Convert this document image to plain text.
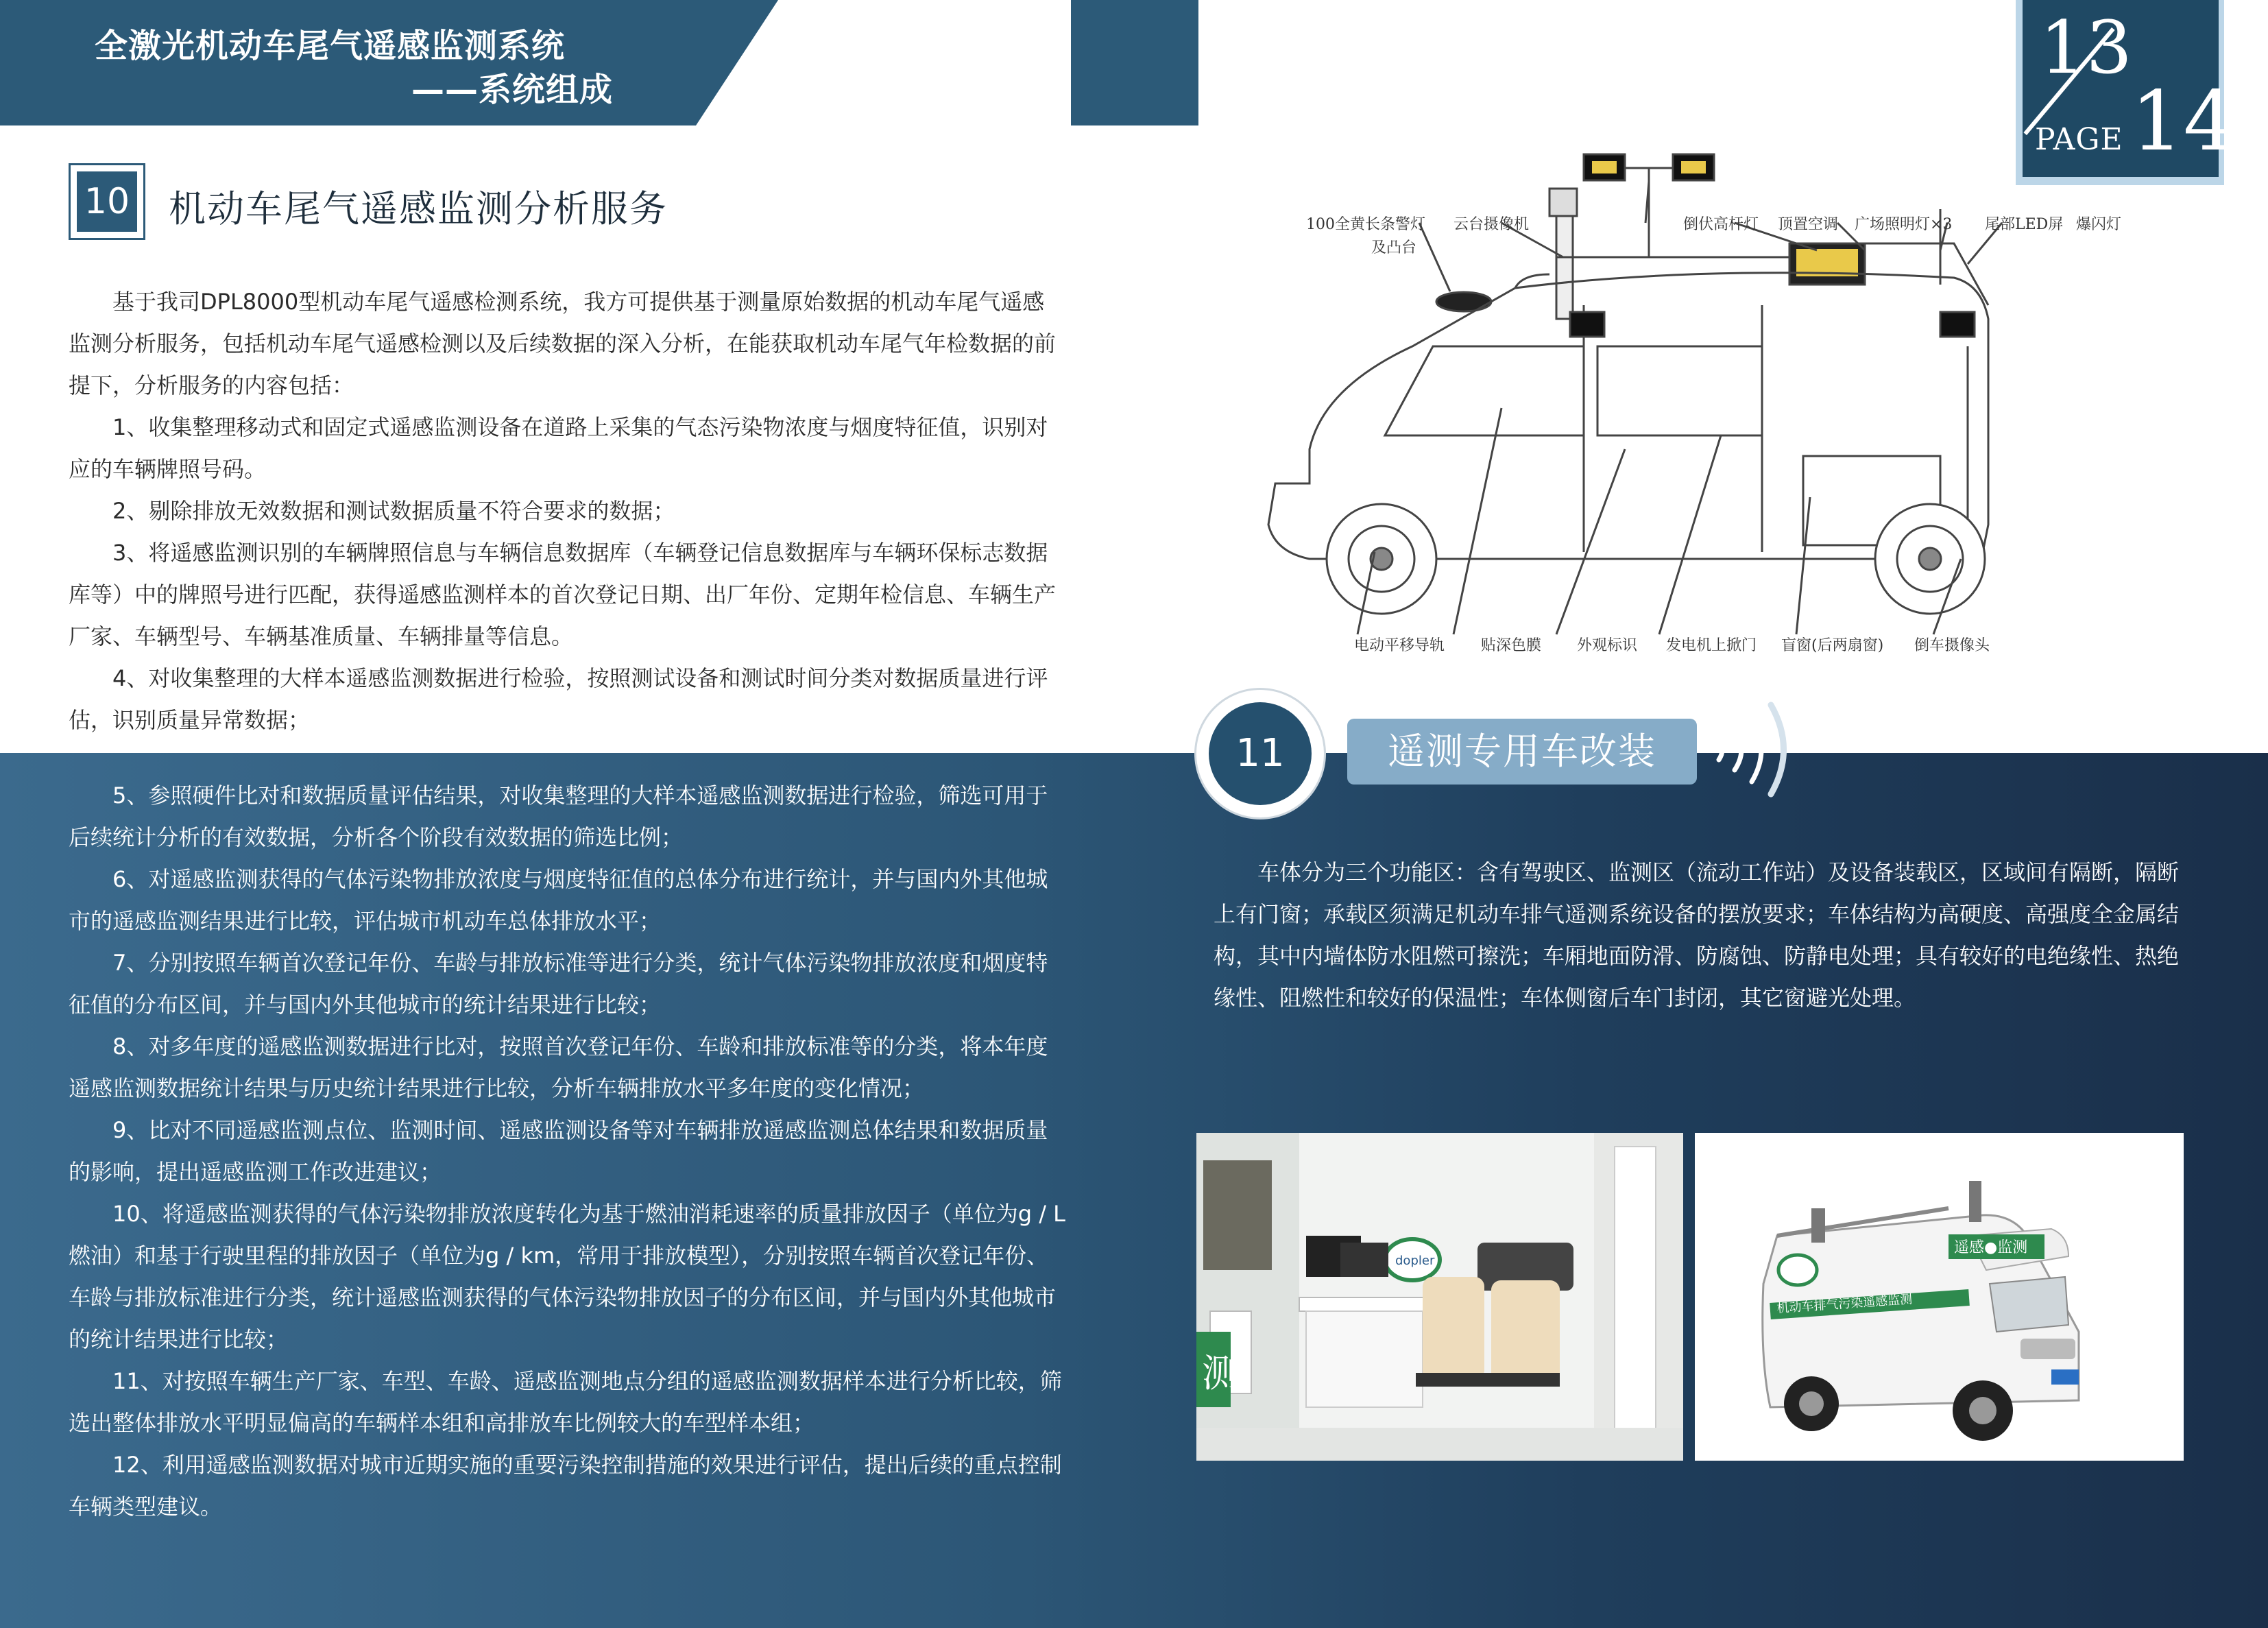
全激光机动车尾气遥感监测系统
——系统组成	13
PAGE 14
10 机动车尾气遥感监测分析服务

基于我司DPL8000型机动车尾气遥感检测系统，我方可提供基于测量原始数据的机动车尾气遥感监测分析服务，包括机动车尾气遥感检测以及后续数据的深入分析，在能获取机动车尾气年检数据的前提下，分析服务的内容包括：

1、收集整理移动式和固定式遥感监测设备在道路上采集的气态污染物浓度与烟度特征值，识别对应的车辆牌照号码。

2、剔除排放无效数据和测试数据质量不符合要求的数据；

3、将遥感监测识别的车辆牌照信息与车辆信息数据库（车辆登记信息数据库与车辆环保标志数据库等）中的牌照号进行匹配，获得遥感监测样本的首次登记日期、出厂年份、定期年检信息、车辆生产厂家、车辆型号、车辆基准质量、车辆排量等信息。

4、对收集整理的大样本遥感监测数据进行检验，按照测试设备和测试时间分类对数据质量进行评估，识别质量异常数据；

5、参照硬件比对和数据质量评估结果，对收集整理的大样本遥感监测数据进行检验，筛选可用于后续统计分析的有效数据，分析各个阶段有效数据的筛选比例；

6、对遥感监测获得的气体污染物排放浓度与烟度特征值的总体分布进行统计，并与国内外其他城市的遥感监测结果进行比较，评估城市机动车总体排放水平；

7、分别按照车辆首次登记年份、车龄与排放标准等进行分类，统计气体污染物排放浓度和烟度特征值的分布区间，并与国内外其他城市的统计结果进行比较；

8、对多年度的遥感监测数据进行比对，按照首次登记年份、车龄和排放标准等的分类，将本年度遥感监测数据统计结果与历史统计结果进行比较，分析车辆排放水平多年度的变化情况；

9、比对不同遥感监测点位、监测时间、遥感监测设备等对车辆排放遥感监测总体结果和数据质量的影响，提出遥感监测工作改进建议；

10、将遥感监测获得的气体污染物排放浓度转化为基于燃油消耗速率的质量排放因子（单位为g / L燃油）和基于行驶里程的排放因子（单位为g / km，常用于排放模型），分别按照车辆首次登记年份、车龄与排放标准进行分类，统计遥感监测获得的气体污染物排放因子的分布区间，并与国内外其他城市的统计结果进行比较；

11、对按照车辆生产厂家、车型、车龄、遥感监测地点分组的遥感监测数据样本进行分析比较，筛选出整体排放水平明显偏高的车辆样本组和高排放车比例较大的车型样本组；

12、利用遥感监测数据对城市近期实施的重要污染控制措施的效果进行评估，提出后续的重点控制车辆类型建议。

100全黄长条警灯
及凸台
云台摄像机	倒伏高杆灯 顶置空调 广场照明灯×3 尾部LED屏 爆闪灯
电动平移导轨 贴深色膜 外观标识 发电机上掀门 盲窗(后两扇窗) 倒车摄像头
11	遥测专用车改装

车体分为三个功能区：含有驾驶区、监测区（流动工作站）及设备装载区，区域间有隔断，隔断上有门窗；承载区须满足机动车排气遥测系统设备的摆放要求；车体结构为高硬度、高强度全金属结构，其中内墙体防水阻燃可擦洗；车厢地面防滑、防腐蚀、防静电处理；具有较好的电绝缘性、热绝缘性、阻燃性和较好的保温性；车体侧窗后车门封闭，其它窗避光处理。

测
dopler
遥感●监测
机动车排气污染遥感监测
